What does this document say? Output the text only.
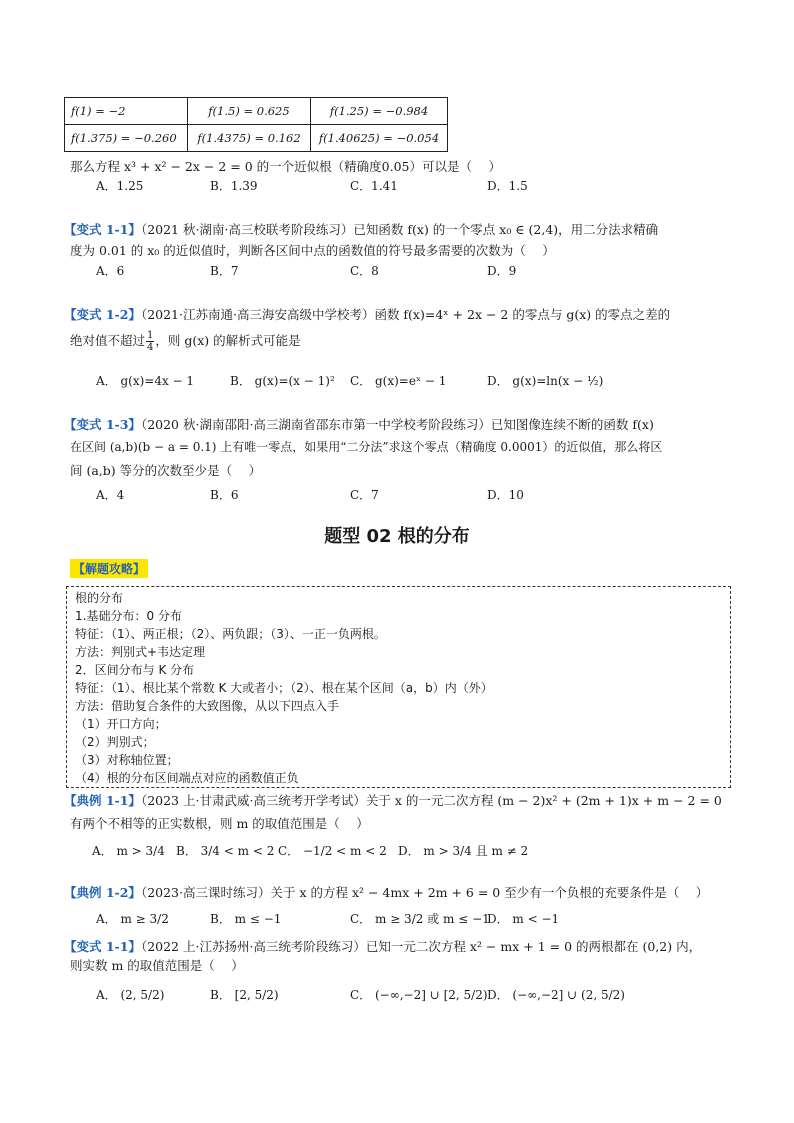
f(1) = −2	f(1.5) = 0.625	f(1.25) = −0.984
f(1.375) = −0.260	f(1.4375) = 0.162	f(1.40625) = −0.054
那么方程 x³ + x² − 2x − 2 = 0 的一个近似根（精确度0.05）可以是（　 ）
A．1.25	B．1.39	C．1.41	D．1.5
【变式 1-1】（2021 秋·湖南·高三校联考阶段练习）已知函数 f(x) 的一个零点 x₀ ∈ (2,4)，用二分法求精确
度为 0.01 的 x₀ 的近似值时，判断各区间中点的函数值的符号最多需要的次数为（　 ）
A．6	B．7	C．8	D．9
【变式 1-2】（2021·江苏南通·高三海安高级中学校考）函数 f(x)=4ˣ + 2x − 2 的零点与 g(x) 的零点之差的
绝对值不超过 $\frac{1}{4}$ ，则 g(x) 的解析式可能是
A． g(x)=4x − 1	B． g(x)=(x − 1)² C． g(x)=eˣ − 1	D． g(x)=ln(x − ½)
【变式 1-3】（2020 秋·湖南邵阳·高三湖南省邵东市第一中学校考阶段练习）已知图像连续不断的函数 f(x)
在区间 (a,b)(b − a = 0.1) 上有唯一零点，如果用“二分法”求这个零点（精确度 0.0001）的近似值，那么将区
间 (a,b) 等分的次数至少是（　 ）
A．4	B．6	C．7	D．10
题型 02 根的分布
【解题攻略】
根的分布
1.基础分布：0 分布
特征：（1）、两正根；（2）、两负跟；（3）、一正一负两根。
方法：判别式+韦达定理
2．区间分布与 K 分布
特征：（1）、根比某个常数 K 大或者小；（2）、根在某个区间（a，b）内（外）
方法：借助复合条件的大致图像，从以下四点入手
（1）开口方向；
（2）判别式；
（3）对称轴位置；
（4）根的分布区间端点对应的函数值正负
【典例 1-1】（2023 上·甘肃武威·高三统考开学考试）关于 x 的一元二次方程 (m − 2)x² + (2m + 1)x + m − 2 = 0
有两个不相等的正实数根，则 m 的取值范围是（　 ）
A． m > 3/4 B． 3/4 < m < 2 C． −1/2 < m < 2 D． m > 3/4 且 m ≠ 2
【典例 1-2】（2023·高三课时练习）关于 x 的方程 x² − 4mx + 2m + 6 = 0 至少有一个负根的充要条件是（　 ）
A． m ≥ 3/2	B． m ≤ −1	C． m ≥ 3/2 或 m ≤ −1
D． m < −1
【变式 1-1】（2022 上·江苏扬州·高三统考阶段练习）已知一元二次方程 x² − mx + 1 = 0 的两根都在 (0,2) 内，
则实数 m 的取值范围是（　 ）
A． (2, 5/2)	B． [2, 5/2)	C． (−∞,−2] ∪ [2, 5/2) D． (−∞,−2] ∪ (2, 5/2)
